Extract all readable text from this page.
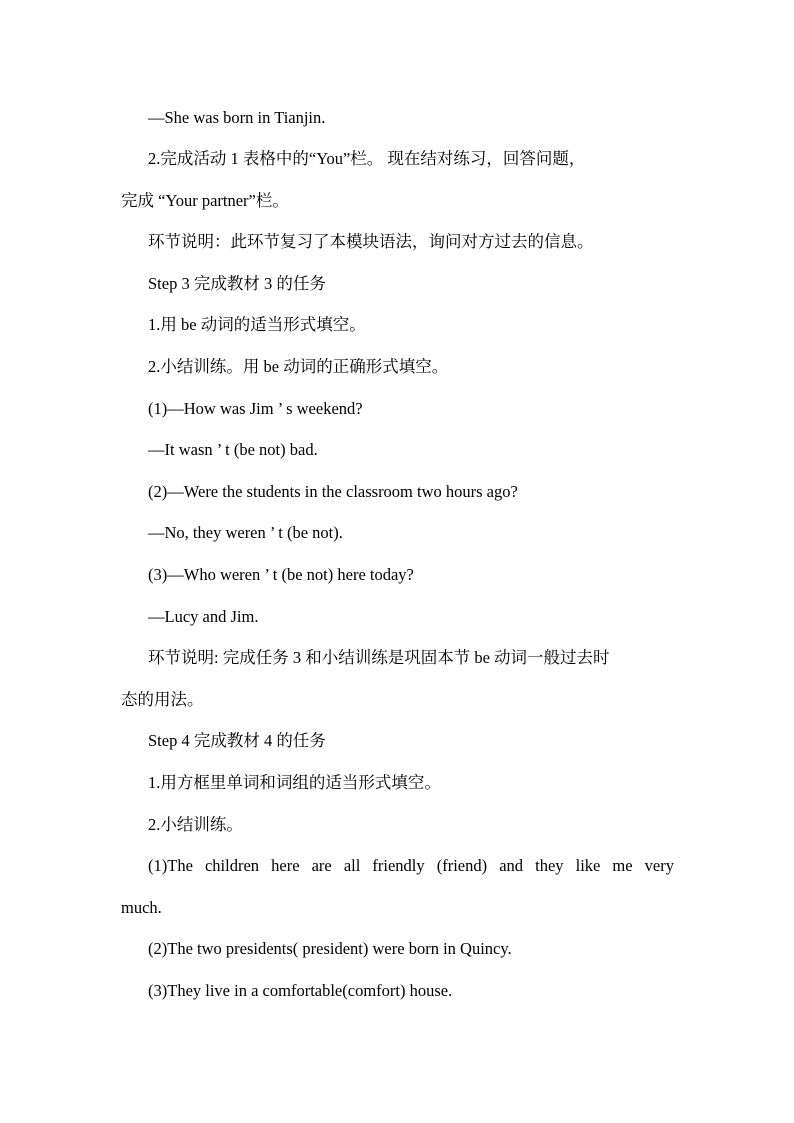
—She was born in Tianjin.
2.完成活动 1 表格中的“You”栏。 现在结对练习，回答问题，
完成 “Your partner”栏。
环节说明：此环节复习了本模块语法，询问对方过去的信息。
Step 3 完成教材 3 的任务
1.用 be 动词的适当形式填空。
2.小结训练。用 be 动词的正确形式填空。
(1)—How was Jim ’ s weekend?
—It wasn ’ t (be not) bad.
(2)—Were the students in the classroom two hours ago?
—No, they weren ’ t (be not).
(3)—Who weren ’ t (be not) here today?
—Lucy and Jim.
环节说明: 完成任务 3 和小结训练是巩固本节 be 动词一般过去时
态的用法。
Step 4 完成教材 4 的任务
1.用方框里单词和词组的适当形式填空。
2.小结训练。
(1)The children here are all friendly (friend) and they like me very
much.
(2)The two presidents( president) were born in Quincy.
(3)They live in a comfortable(comfort) house.
